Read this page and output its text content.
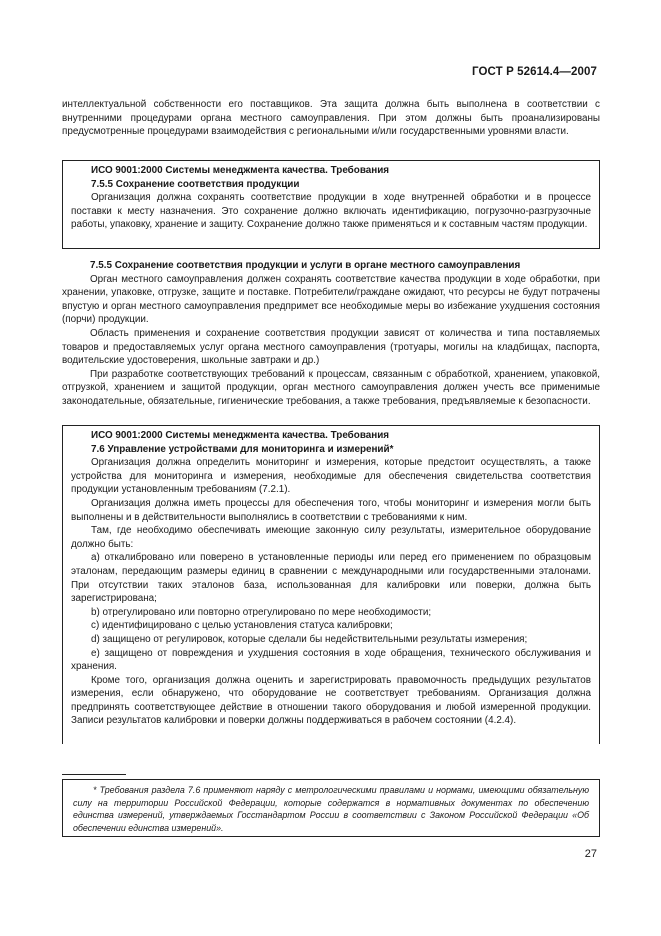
ГОСТ Р 52614.4—2007

интеллектуальной собственности его поставщиков. Эта защита должна быть выполнена в соответствии с внутренними процедурами органа местного самоуправления. При этом должны быть проанализированы предусмотренные процедурами взаимодействия с региональными и/или государственными уровнями власти.

ИСО 9001:2000 Системы менеджмента качества. Требования

7.5.5 Сохранение соответствия продукции

Организация должна сохранять соответствие продукции в ходе внутренней обработки и в процессе поставки к месту назначения. Это сохранение должно включать идентификацию, погрузочно-разгрузочные работы, упаковку, хранение и защиту. Сохранение должно также применяться и к составным частям продукции.

7.5.5 Сохранение соответствия продукции и услуги в органе местного самоуправления

Орган местного самоуправления должен сохранять соответствие качества продукции в ходе обработки, при хранении, упаковке, отгрузке, защите и поставке. Потребители/граждане ожидают, что ресурсы не будут потрачены впустую и орган местного самоуправления предпримет все необходимые меры во избежание ухудшения состояния (порчи) продукции.

Область применения и сохранение соответствия продукции зависят от количества и типа поставляемых товаров и предоставляемых услуг органа местного самоуправления (тротуары, могилы на кладбищах, паспорта, водительские удостоверения, школьные завтраки и др.)

При разработке соответствующих требований к процессам, связанным с обработкой, хранением, упаковкой, отгрузкой, хранением и защитой продукции, орган местного самоуправления должен учесть все применимые законодательные, обязательные, гигиенические требования, а также требования, предъявляемые к безопасности.

ИСО 9001:2000 Системы менеджмента качества. Требования

7.6 Управление устройствами для мониторинга и измерений*

Организация должна определить мониторинг и измерения, которые предстоит осуществлять, а также устройства для мониторинга и измерения, необходимые для обеспечения свидетельства соответствия продукции установленным требованиям (7.2.1).

Организация должна иметь процессы для обеспечения того, чтобы мониторинг и измерения могли быть выполнены и в действительности выполнялись в соответствии с требованиями к ним.

Там, где необходимо обеспечивать имеющие законную силу результаты, измерительное оборудование должно быть:

a) откалибровано или поверено в установленные периоды или перед его применением по образцовым эталонам, передающим размеры единиц в сравнении с международными или государственными эталонами. При отсутствии таких эталонов база, использованная для калибровки или поверки, должна быть зарегистрирована;

b) отрегулировано или повторно отрегулировано по мере необходимости;

c) идентифицировано с целью установления статуса калибровки;

d) защищено от регулировок, которые сделали бы недействительными результаты измерения;

e) защищено от повреждения и ухудшения состояния в ходе обращения, технического обслуживания и хранения.

Кроме того, организация должна оценить и зарегистрировать правомочность предыдущих результатов измерения, если обнаружено, что оборудование не соответствует требованиям. Организация должна предпринять соответствующее действие в отношении такого оборудования и любой измеренной продукции. Записи результатов калибровки и поверки должны поддерживаться в рабочем состоянии (4.2.4).

* Требования раздела 7.6 применяют наряду с метрологическими правилами и нормами, имеющими обязательную силу на территории Российской Федерации, которые содержатся в нормативных документах по обеспечению единства измерений, утверждаемых Госстандартом России в соответствии с Законом Российской Федерации «Об обеспечении единства измерений».

27
